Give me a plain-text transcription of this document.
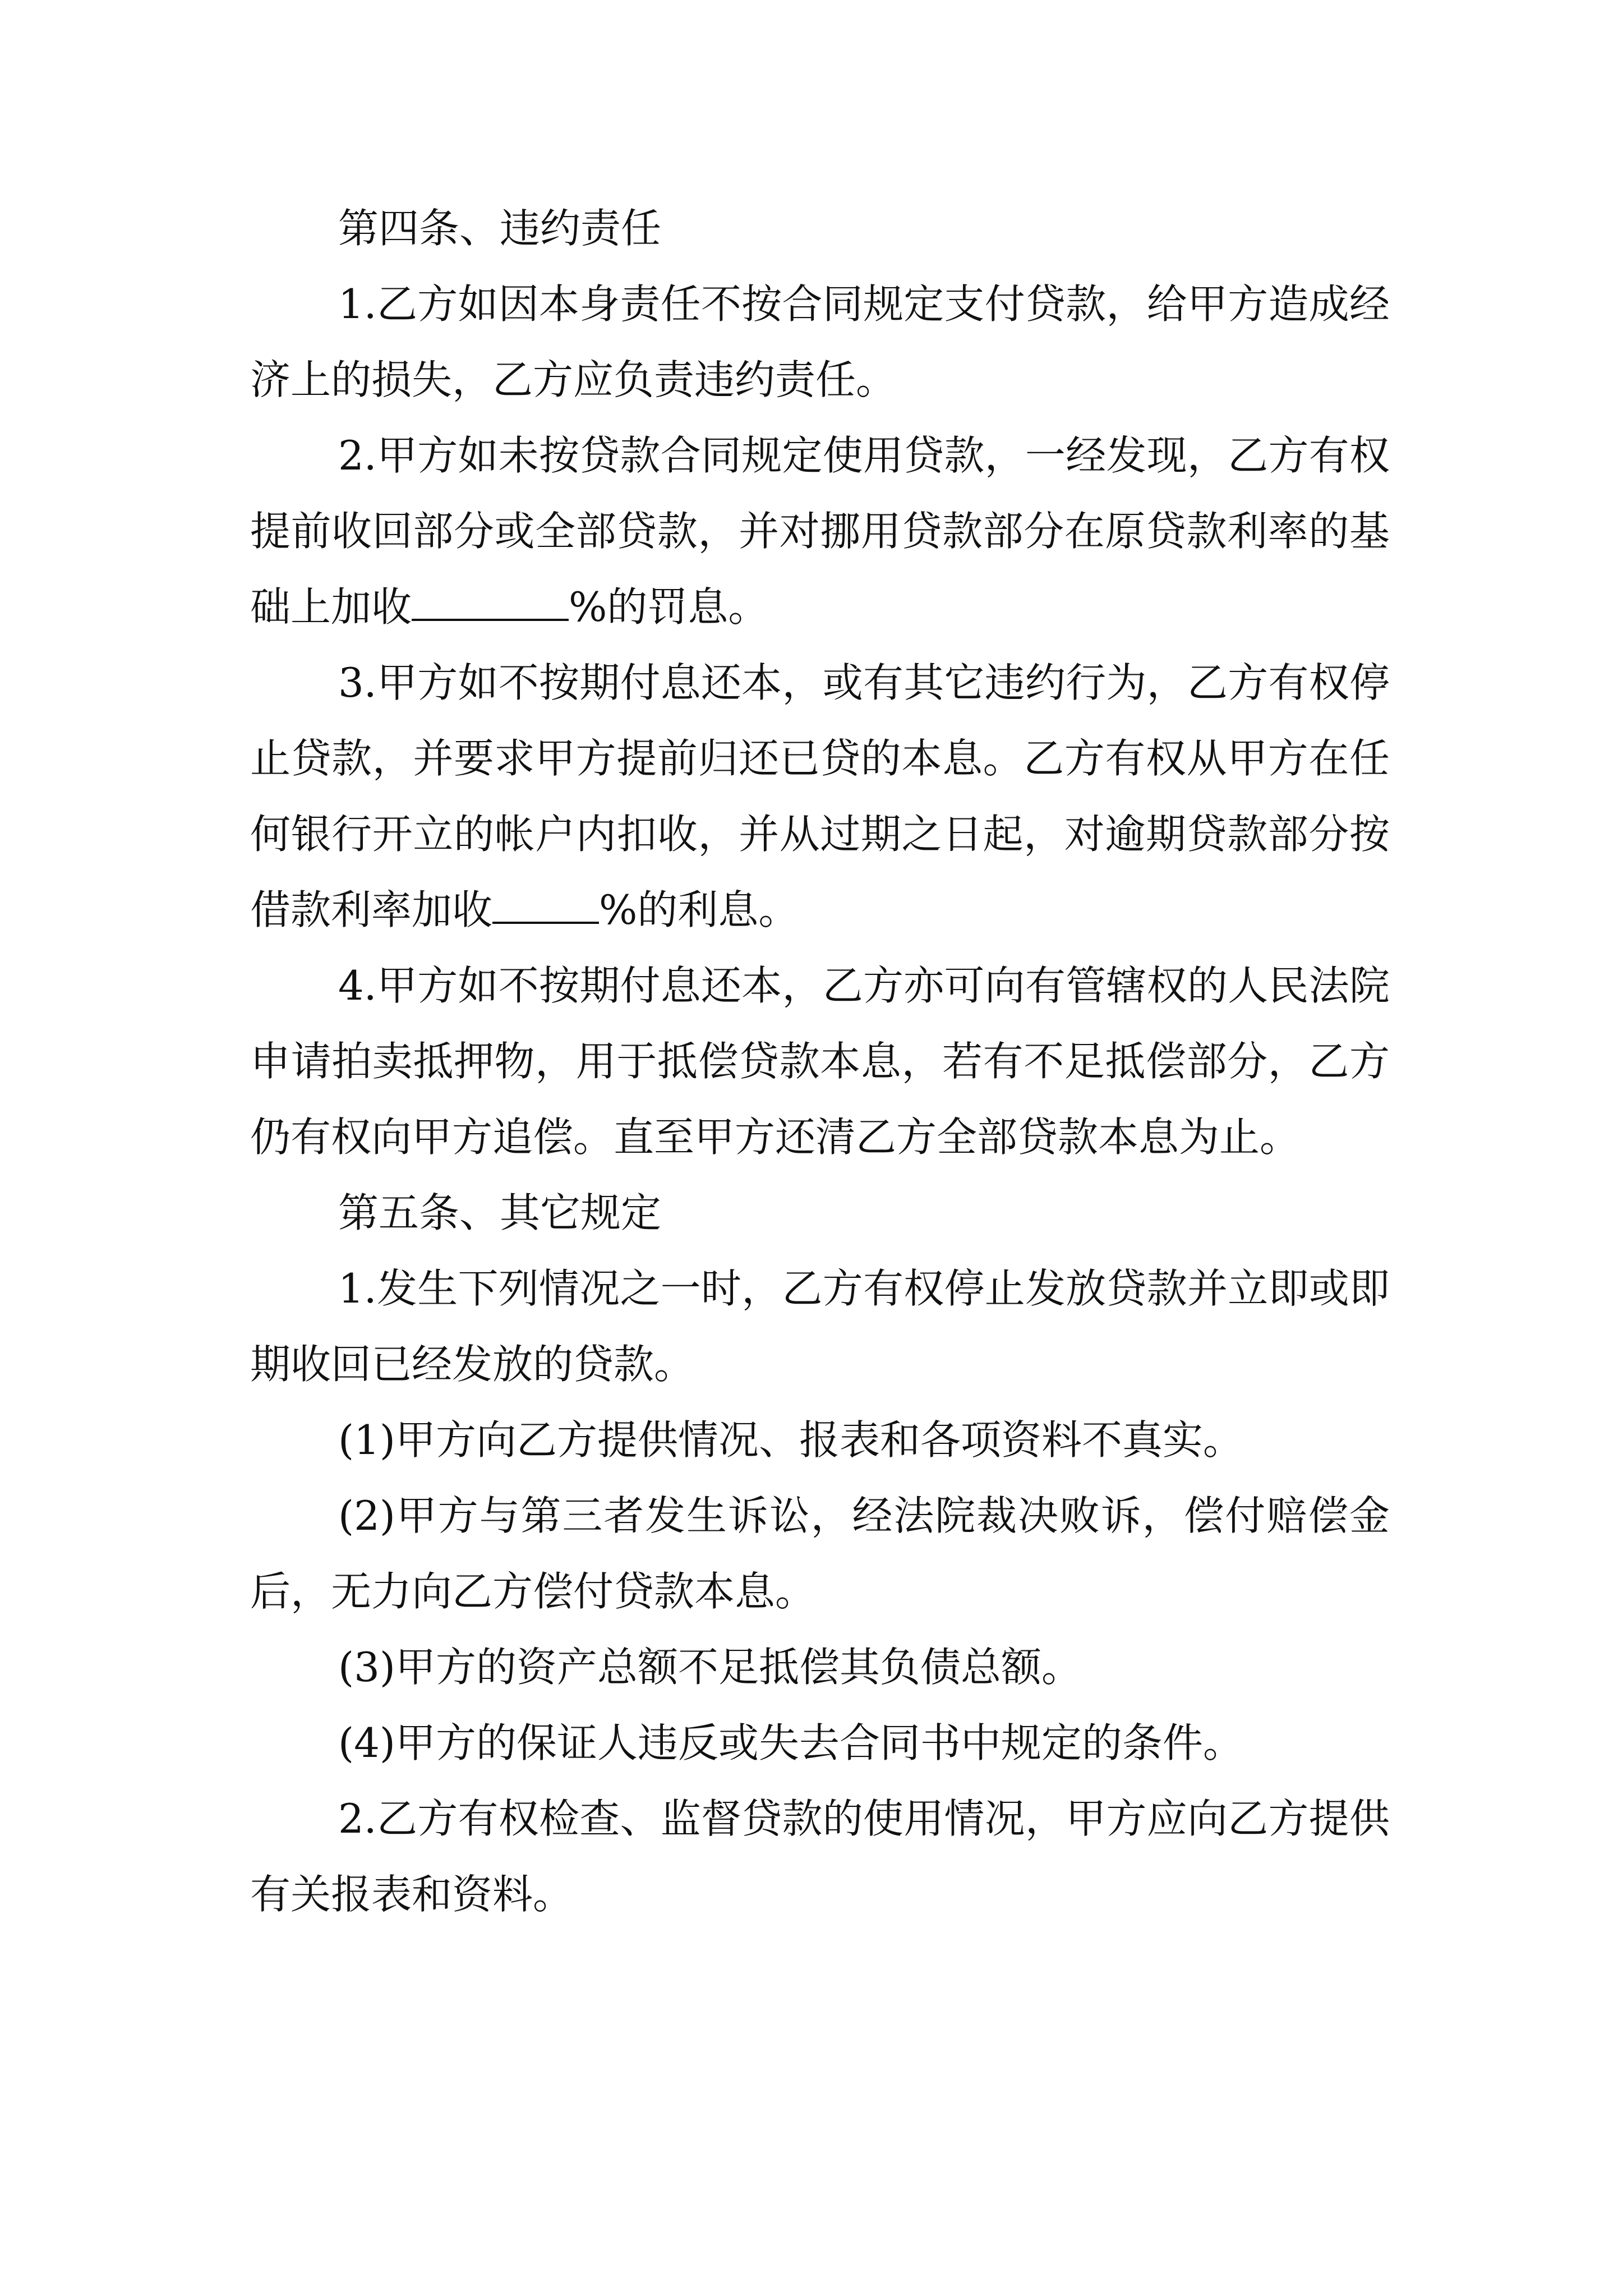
第四条、违约责任

1.乙方如因本身责任不按合同规定支付贷款，给甲方造成经济上的损失，乙方应负责违约责任。

2.甲方如未按贷款合同规定使用贷款，一经发现，乙方有权提前收回部分或全部贷款，并对挪用贷款部分在原贷款利率的基础上加收	%的罚息。

3.甲方如不按期付息还本，或有其它违约行为，乙方有权停止贷款，并要求甲方提前归还已贷的本息。乙方有权从甲方在任何银行开立的帐户内扣收，并从过期之日起，对逾期贷款部分按借款利率加收	%的利息。

4.甲方如不按期付息还本，乙方亦可向有管辖权的人民法院申请拍卖抵押物，用于抵偿贷款本息，若有不足抵偿部分，乙方仍有权向甲方追偿。直至甲方还清乙方全部贷款本息为止。

第五条、其它规定

1.发生下列情况之一时，乙方有权停止发放贷款并立即或即期收回已经发放的贷款。

(1)甲方向乙方提供情况、报表和各项资料不真实。

(2)甲方与第三者发生诉讼，经法院裁决败诉，偿付赔偿金后，无力向乙方偿付贷款本息。

(3)甲方的资产总额不足抵偿其负债总额。

(4)甲方的保证人违反或失去合同书中规定的条件。

2.乙方有权检查、监督贷款的使用情况，甲方应向乙方提供有关报表和资料。
